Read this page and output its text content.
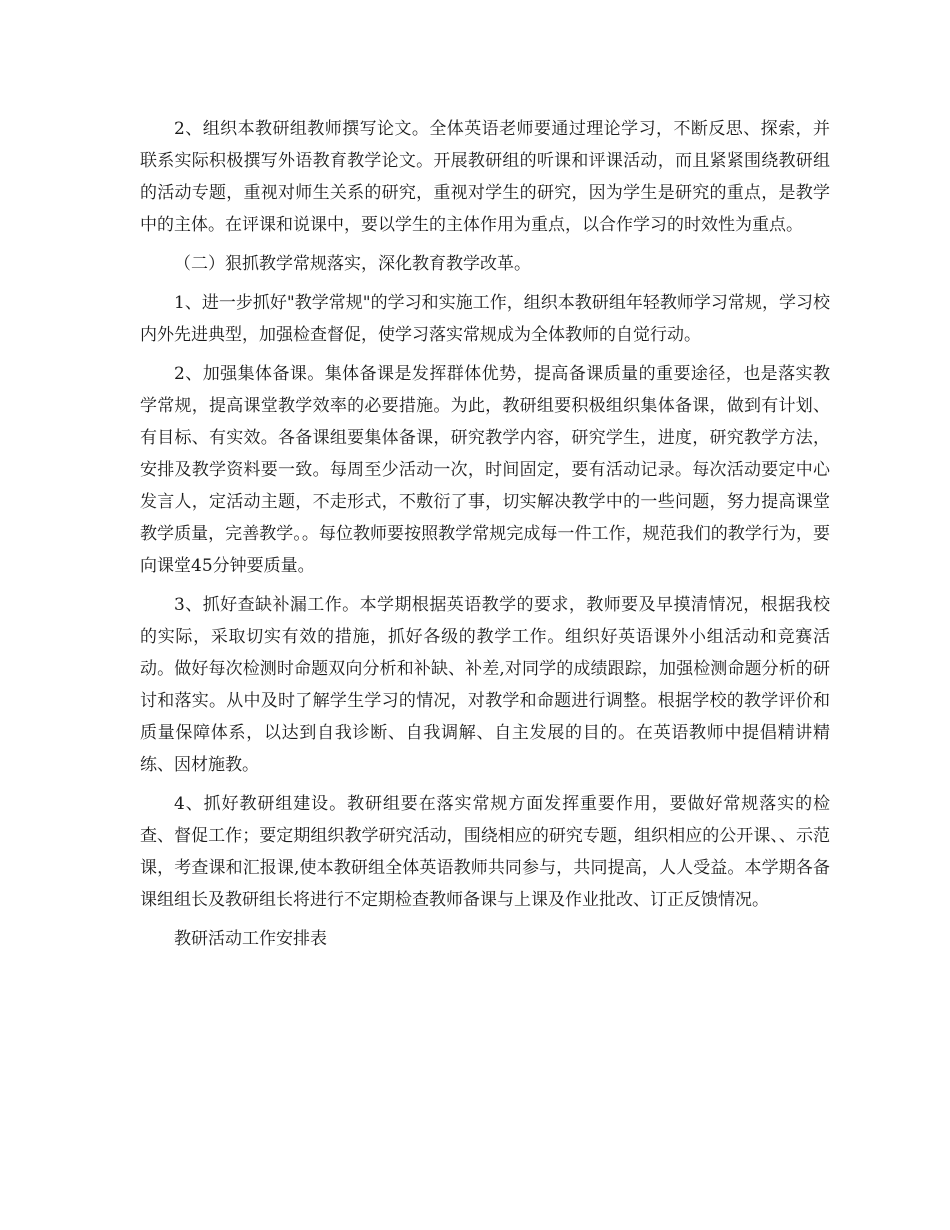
2、组织本教研组教师撰写论文。全体英语老师要通过理论学习，不断反思、探索，并联系实际积极撰写外语教育教学论文。开展教研组的听课和评课活动，而且紧紧围绕教研组的活动专题，重视对师生关系的研究，重视对学生的研究，因为学生是研究的重点，是教学中的主体。在评课和说课中，要以学生的主体作用为重点，以合作学习的时效性为重点。

（二）狠抓教学常规落实，深化教育教学改革。

1、进一步抓好"教学常规"的学习和实施工作，组织本教研组年轻教师学习常规，学习校内外先进典型，加强检查督促，使学习落实常规成为全体教师的自觉行动。

2、加强集体备课。集体备课是发挥群体优势，提高备课质量的重要途径，也是落实教学常规，提高课堂教学效率的必要措施。为此，教研组要积极组织集体备课，做到有计划、有目标、有实效。各备课组要集体备课，研究教学内容，研究学生，进度，研究教学方法，安排及教学资料要一致。每周至少活动一次，时间固定，要有活动记录。每次活动要定中心发言人，定活动主题，不走形式，不敷衍了事，切实解决教学中的一些问题，努力提高课堂教学质量，完善教学。。每位教师要按照教学常规完成每一件工作，规范我们的教学行为，要向课堂45分钟要质量。

3、抓好查缺补漏工作。本学期根据英语教学的要求，教师要及早摸清情况，根据我校的实际，采取切实有效的措施，抓好各级的教学工作。组织好英语课外小组活动和竞赛活动。做好每次检测时命题双向分析和补缺、补差,对同学的成绩跟踪，加强检测命题分析的研讨和落实。从中及时了解学生学习的情况，对教学和命题进行调整。根据学校的教学评价和质量保障体系，以达到自我诊断、自我调解、自主发展的目的。在英语教师中提倡精讲精练、因材施教。

4、抓好教研组建设。教研组要在落实常规方面发挥重要作用，要做好常规落实的检查、督促工作；要定期组织教学研究活动，围绕相应的研究专题，组织相应的公开课、、示范课，考查课和汇报课,使本教研组全体英语教师共同参与，共同提高，人人受益。本学期各备课组组长及教研组长将进行不定期检查教师备课与上课及作业批改、订正反馈情况。

教研活动工作安排表
